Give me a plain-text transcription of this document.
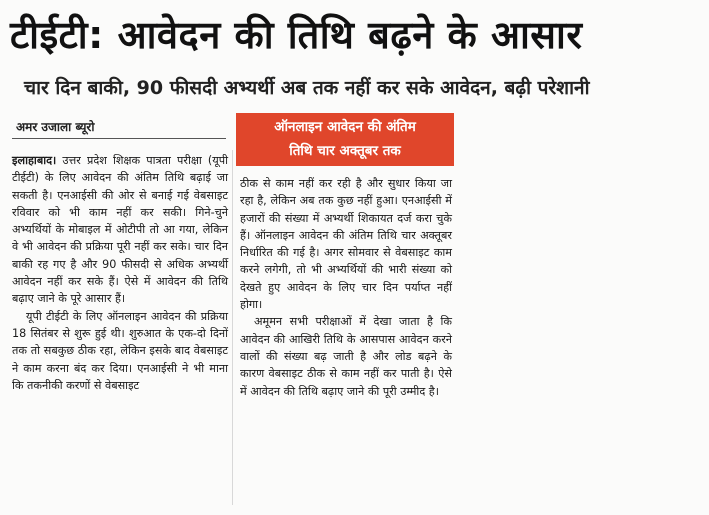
टीईटी: आवेदन की तिथि बढ़ने के आसार
चार दिन बाकी, 90 फीसदी अभ्यर्थी अब तक नहीं कर सके आवेदन, बढ़ी परेशानी
अमर उजाला ब्यूरो	ऑनलाइन आवेदन की अंतिम
तिथि चार अक्तूबर तक

इलाहाबाद। उत्तर प्रदेश शिक्षक पात्रता परीक्षा (यूपी टीईटी) के लिए आवेदन की अंतिम तिथि बढ़ाई जा सकती है। एनआईसी की ओर से बनाई गई वेबसाइट रविवार को भी काम नहीं कर सकी। गिने-चुने अभ्यर्थियों के मोबाइल में ओटीपी तो आ गया, लेकिन वे भी आवेदन की प्रक्रिया पूरी नहीं कर सके। चार दिन बाकी रह गए है और 90 फीसदी से अधिक अभ्यर्थी आवेदन नहीं कर सके हैं। ऐसे में आवेदन की तिथि बढ़ाए जाने के पूरे आसार हैं।

यूपी टीईटी के लिए ऑनलाइन आवेदन की प्रक्रिया 18 सितंबर से शुरू हुई थी। शुरुआत के एक-दो दिनों तक तो सबकुछ ठीक रहा, लेकिन इसके बाद वेबसाइट ने काम करना बंद कर दिया। एनआईसी ने भी माना कि तकनीकी करणों से वेबसाइट

ठीक से काम नहीं कर रही है और सुधार किया जा रहा है, लेकिन अब तक कुछ नहीं हुआ। एनआईसी में हजारों की संख्या में अभ्यर्थी शिकायत दर्ज करा चुके हैं। ऑनलाइन आवेदन की अंतिम तिथि चार अक्तूबर निर्धारित की गई है। अगर सोमवार से वेबसाइट काम करने लगेगी, तो भी अभ्यर्थियों की भारी संख्या को देखते हुए आवेदन के लिए चार दिन पर्याप्त नहीं होगा।

अमूमन सभी परीक्षाओं में देखा जाता है कि आवेदन की आखिरी तिथि के आसपास आवेदन करने वालों की संख्या बढ़ जाती है और लोड बढ़ने के कारण वेबसाइट ठीक से काम नहीं कर पाती है। ऐसे में आवेदन की तिथि बढ़ाए जाने की पूरी उम्मीद है।
